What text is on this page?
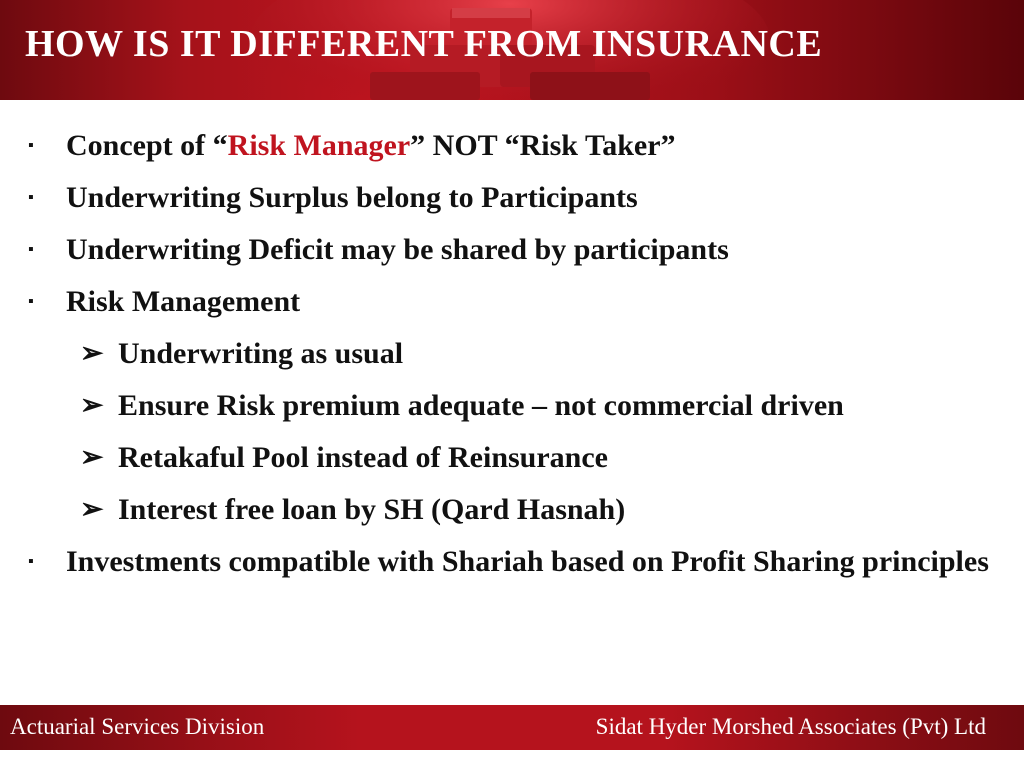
HOW IS IT DIFFERENT FROM INSURANCE
▪ Concept of “Risk Manager” NOT “Risk Taker”
▪ Underwriting Surplus belong to Participants
▪ Underwriting Deficit may be shared by participants
▪ Risk Management
➢ Underwriting as usual
➢ Ensure Risk premium adequate – not commercial driven
➢ Retakaful Pool instead of Reinsurance
➢ Interest free loan by SH (Qard Hasnah)
▪ Investments compatible with Shariah based on Profit Sharing principles
Actuarial Services Division	Sidat Hyder Morshed Associates (Pvt) Ltd
